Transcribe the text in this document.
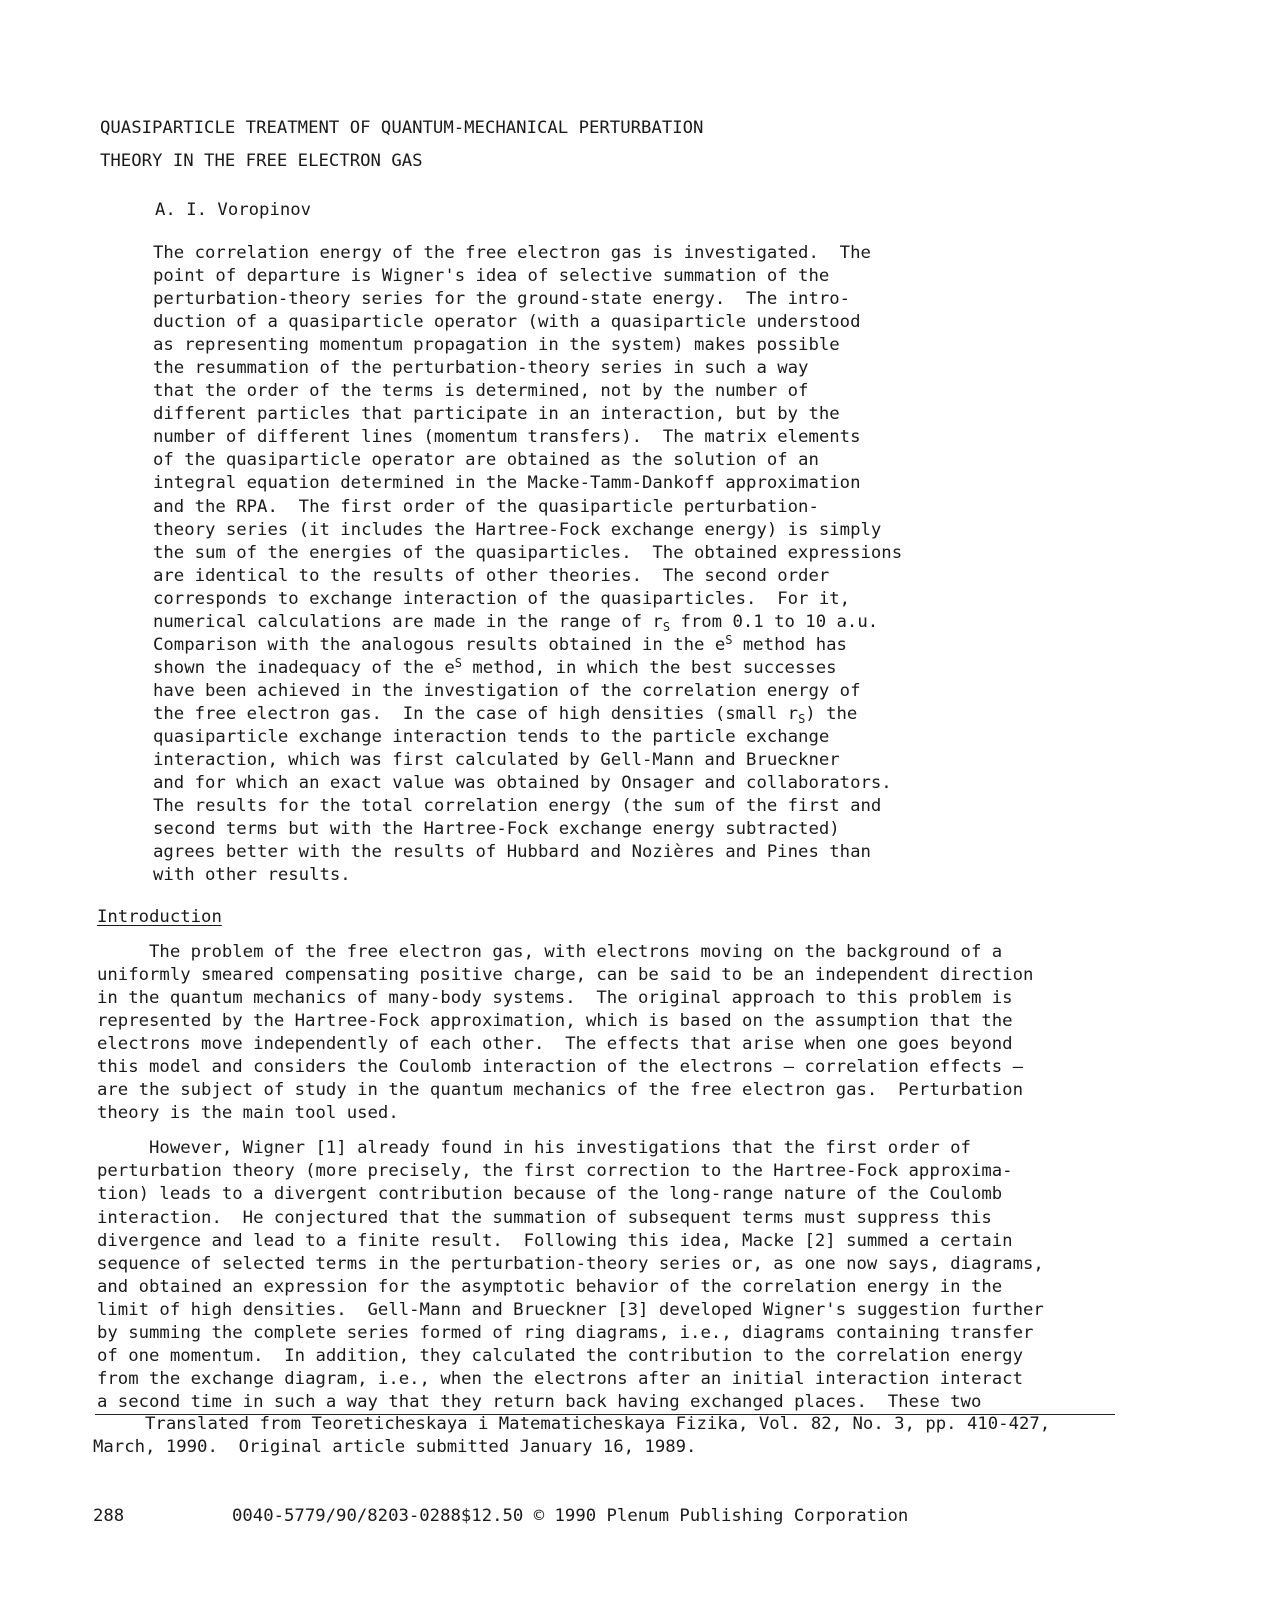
QUASIPARTICLE TREATMENT OF QUANTUM-MECHANICAL PERTURBATION
THEORY IN THE FREE ELECTRON GAS
A. I. Voropinov
The correlation energy of the free electron gas is investigated.  The
point of departure is Wigner's idea of selective summation of the
perturbation-theory series for the ground-state energy.  The intro-
duction of a quasiparticle operator (with a quasiparticle understood
as representing momentum propagation in the system) makes possible
the resummation of the perturbation-theory series in such a way
that the order of the terms is determined, not by the number of
different particles that participate in an interaction, but by the
number of different lines (momentum transfers).  The matrix elements
of the quasiparticle operator are obtained as the solution of an
integral equation determined in the Macke-Tamm-Dankoff approximation
and the RPA.  The first order of the quasiparticle perturbation-
theory series (it includes the Hartree-Fock exchange energy) is simply
the sum of the energies of the quasiparticles.  The obtained expressions
are identical to the results of other theories.  The second order
corresponds to exchange interaction of the quasiparticles.  For it,
numerical calculations are made in the range of $r_S$ from 0.1 to 10 a.u.
Comparison with the analogous results obtained in the $e^S$ method has
shown the inadequacy of the $e^S$ method, in which the best successes
have been achieved in the investigation of the correlation energy of
the free electron gas.  In the case of high densities (small $r_S$) the
quasiparticle exchange interaction tends to the particle exchange
interaction, which was first calculated by Gell-Mann and Brueckner
and for which an exact value was obtained by Onsager and collaborators.
The results for the total correlation energy (the sum of the first and
second terms but with the Hartree-Fock exchange energy subtracted)
agrees better with the results of Hubbard and Nozières and Pines than
with other results.
Introduction
The problem of the free electron gas, with electrons moving on the background of a
uniformly smeared compensating positive charge, can be said to be an independent direction
in the quantum mechanics of many-body systems.  The original approach to this problem is
represented by the Hartree-Fock approximation, which is based on the assumption that the
electrons move independently of each other.  The effects that arise when one goes beyond
this model and considers the Coulomb interaction of the electrons — correlation effects —
are the subject of study in the quantum mechanics of the free electron gas.  Perturbation
theory is the main tool used.
However, Wigner [1] already found in his investigations that the first order of
perturbation theory (more precisely, the first correction to the Hartree-Fock approxima-
tion) leads to a divergent contribution because of the long-range nature of the Coulomb
interaction.  He conjectured that the summation of subsequent terms must suppress this
divergence and lead to a finite result.  Following this idea, Macke [2] summed a certain
sequence of selected terms in the perturbation-theory series or, as one now says, diagrams,
and obtained an expression for the asymptotic behavior of the correlation energy in the
limit of high densities.  Gell-Mann and Brueckner [3] developed Wigner's suggestion further
by summing the complete series formed of ring diagrams, i.e., diagrams containing transfer
of one momentum.  In addition, they calculated the contribution to the correlation energy
from the exchange diagram, i.e., when the electrons after an initial interaction interact
a second time in such a way that they return back having exchanged places.  These two
Translated from Teoreticheskaya i Matematicheskaya Fizika, Vol. 82, No. 3, pp. 410-427,
March, 1990.  Original article submitted January 16, 1989.
288	0040-5779/90/8203-0288$12.50 © 1990 Plenum Publishing Corporation
